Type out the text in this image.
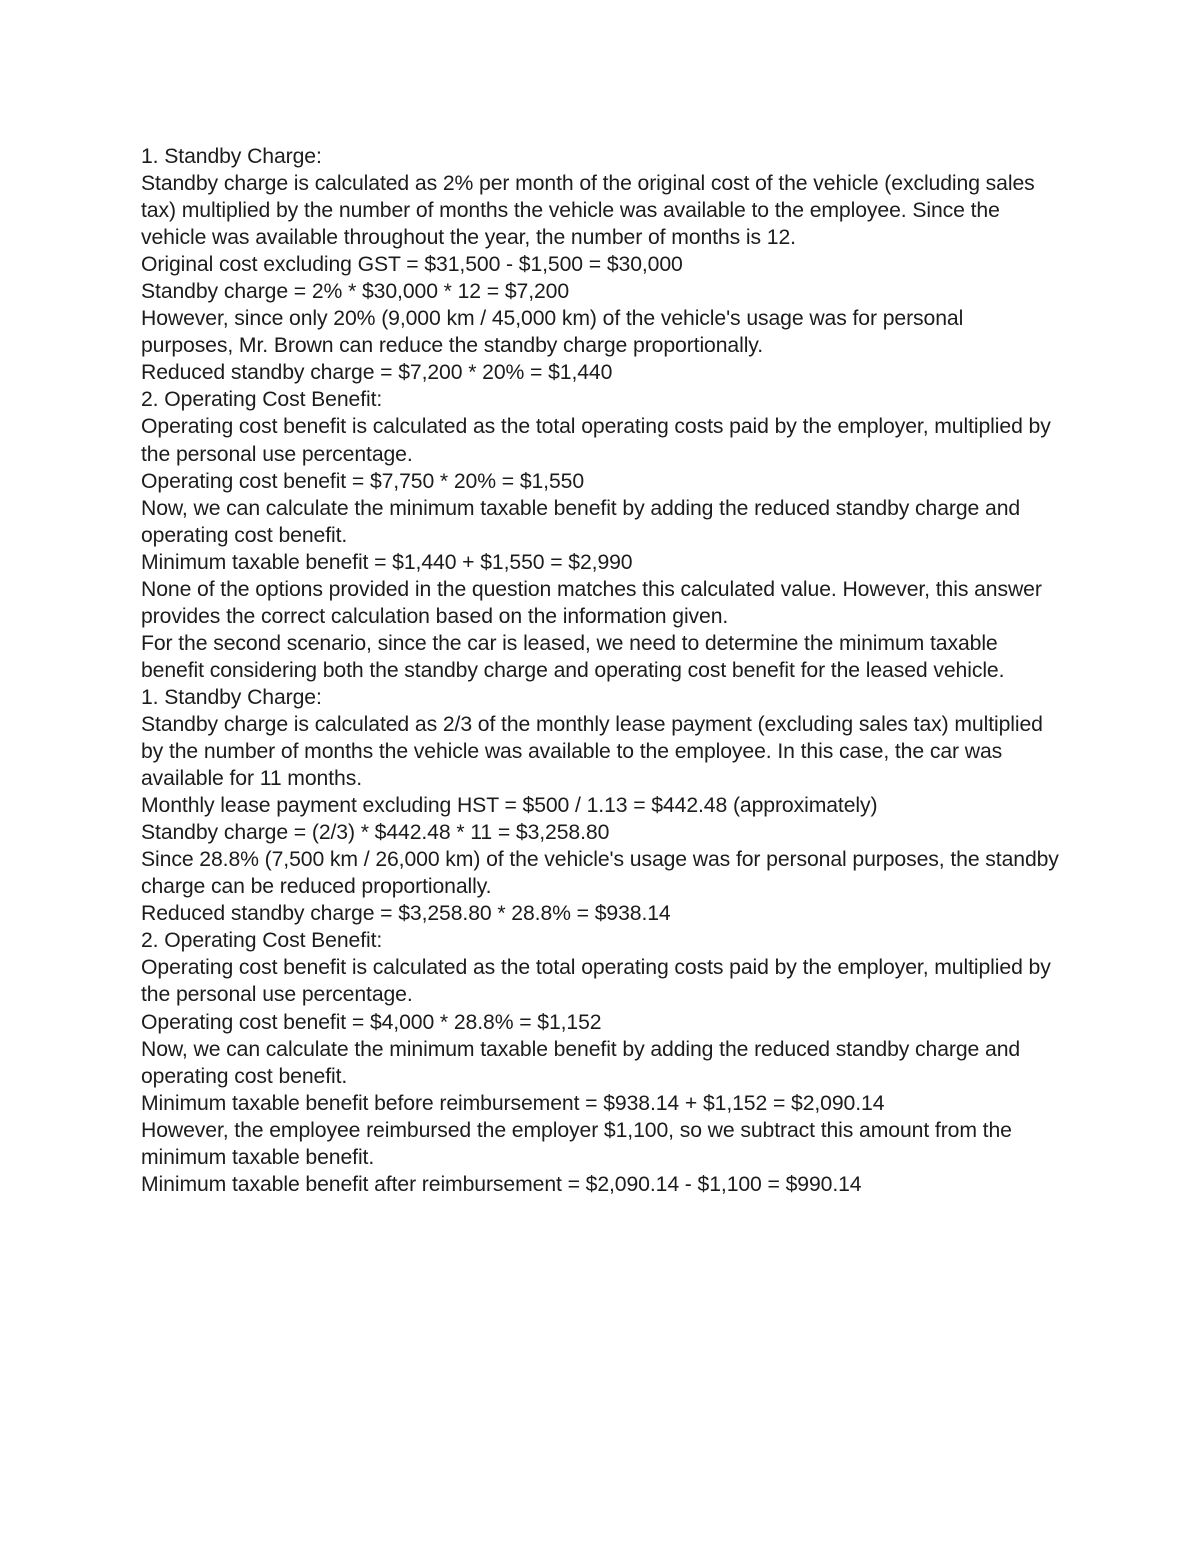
1. Standby Charge:

Standby charge is calculated as 2% per month of the original cost of the vehicle (excluding sales tax) multiplied by the number of months the vehicle was available to the employee. Since the vehicle was available throughout the year, the number of months is 12.

Original cost excluding GST = $31,500 - $1,500 = $30,000

Standby charge = 2% * $30,000 * 12 = $7,200

However, since only 20% (9,000 km / 45,000 km) of the vehicle's usage was for personal purposes, Mr. Brown can reduce the standby charge proportionally.

Reduced standby charge = $7,200 * 20% = $1,440

2. Operating Cost Benefit:

Operating cost benefit is calculated as the total operating costs paid by the employer, multiplied by the personal use percentage.

Operating cost benefit = $7,750 * 20% = $1,550

Now, we can calculate the minimum taxable benefit by adding the reduced standby charge and operating cost benefit.

Minimum taxable benefit = $1,440 + $1,550 = $2,990

None of the options provided in the question matches this calculated value. However, this answer provides the correct calculation based on the information given.

For the second scenario, since the car is leased, we need to determine the minimum taxable benefit considering both the standby charge and operating cost benefit for the leased vehicle.

1. Standby Charge:

Standby charge is calculated as 2/3 of the monthly lease payment (excluding sales tax) multiplied by the number of months the vehicle was available to the employee. In this case, the car was available for 11 months.

Monthly lease payment excluding HST = $500 / 1.13 = $442.48 (approximately)

Standby charge = (2/3) * $442.48 * 11 = $3,258.80

Since 28.8% (7,500 km / 26,000 km) of the vehicle's usage was for personal purposes, the standby charge can be reduced proportionally.

Reduced standby charge = $3,258.80 * 28.8% = $938.14

2. Operating Cost Benefit:

Operating cost benefit is calculated as the total operating costs paid by the employer, multiplied by the personal use percentage.

Operating cost benefit = $4,000 * 28.8% = $1,152

Now, we can calculate the minimum taxable benefit by adding the reduced standby charge and operating cost benefit.

Minimum taxable benefit before reimbursement = $938.14 + $1,152 = $2,090.14

However, the employee reimbursed the employer $1,100, so we subtract this amount from the minimum taxable benefit.

Minimum taxable benefit after reimbursement = $2,090.14 - $1,100 = $990.14
